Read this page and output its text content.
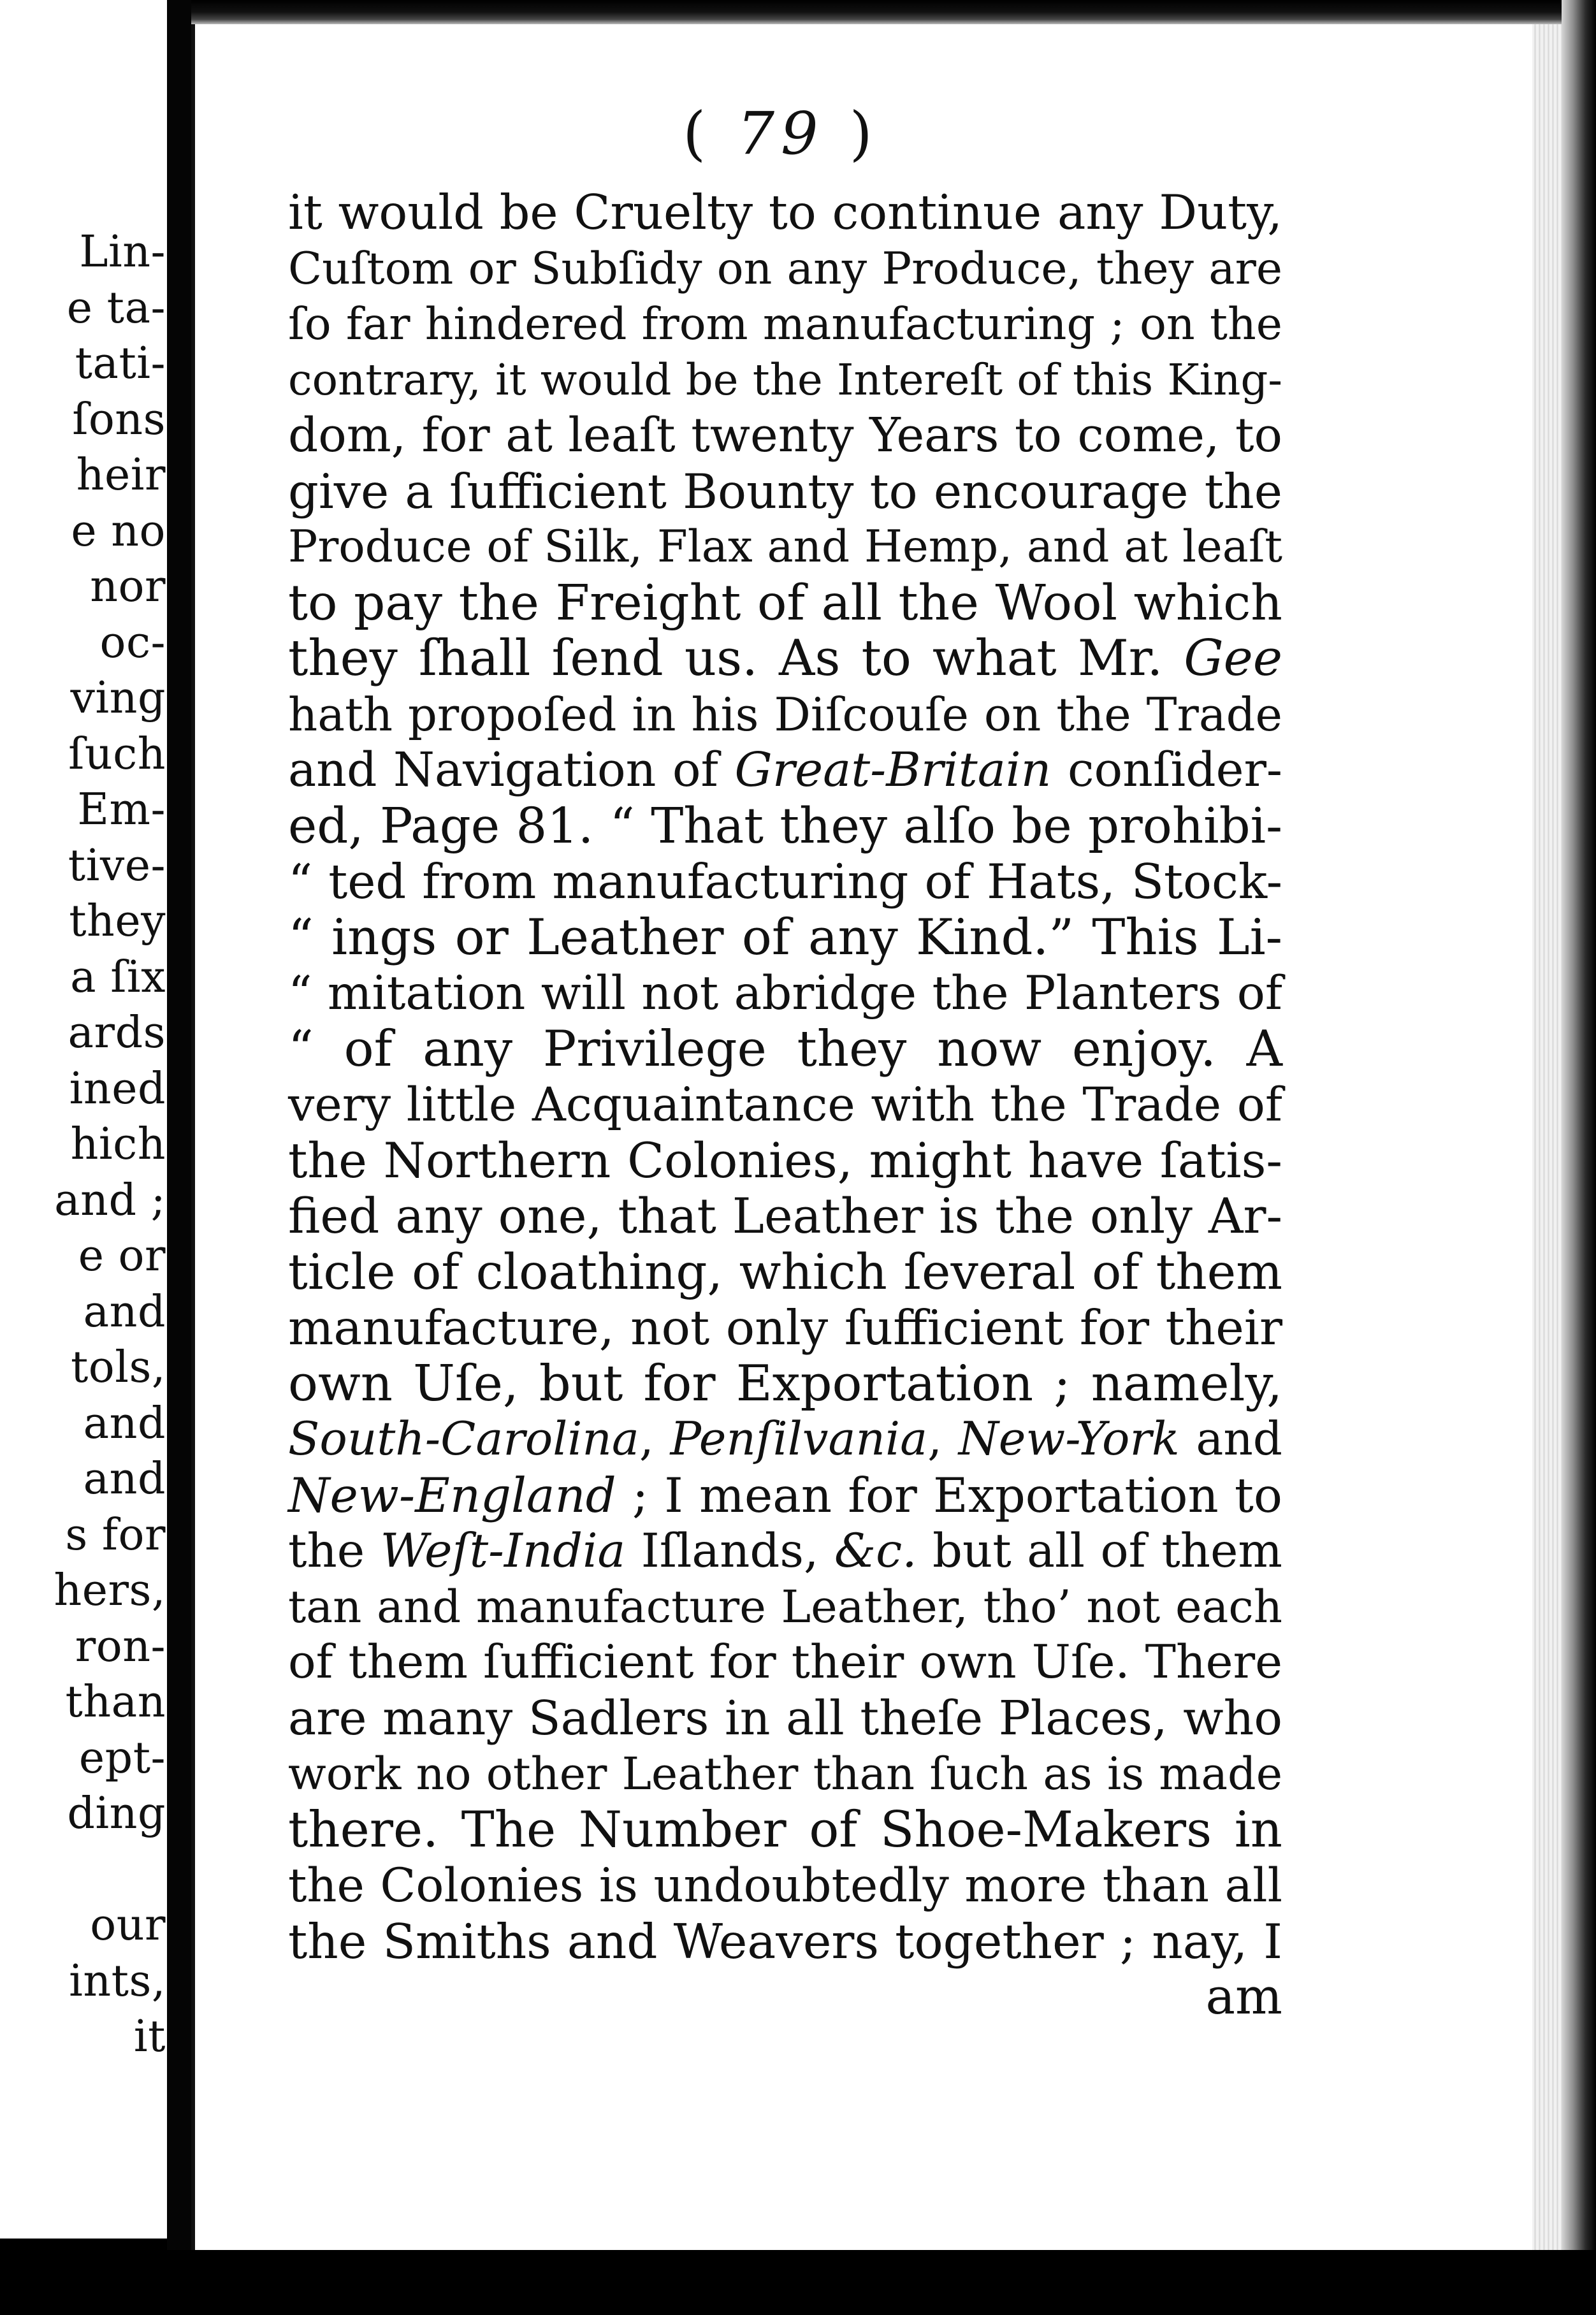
Lin-
e ta-
tati-
ſons
heir
e no
nor
oc-
ving
ſuch
Em-
tive-
they
a ſix
ards
ined
hich
and ;
e or
and
tols,
and
and
s for
hers,
ron-
than
ept-
ding
our
ints,
it
( 79 )
it would be Cruelty to continue any Duty,
Cuſtom or Subſidy on any Produce, they are
ſo far hindered from manufacturing ; on the
contrary, it would be the Intereſt of this King-
dom, for at leaſt twenty Years to come, to
give a ſufficient Bounty to encourage the
Produce of Silk, Flax and Hemp, and at leaſt
to pay the Freight of all the Wool which
they ſhall ſend us. As to what Mr. Gee
hath propoſed in his Diſcouſe on the Trade
and Navigation of Great-Britain conſider-
ed, Page 81. “ That they alſo be prohibi-
“ ted from manufacturing of Hats, Stock-
“ ings or Leather of any Kind.” This Li-
“ mitation will not abridge the Planters of
“ of any Privilege they now enjoy. A
very little Acquaintance with the Trade of
the Northern Colonies, might have ſatis-
fied any one, that Leather is the only Ar-
ticle of cloathing, which ſeveral of them
manufacture, not only ſufficient for their
own Uſe, but for Exportation ; namely,
South-Carolina, Penſilvania, New-York and
New-England ; I mean for Exportation to
the Weſt-India Iſlands, &c. but all of them
tan and manufacture Leather, tho’ not each
of them ſufficient for their own Uſe. There
are many Sadlers in all theſe Places, who
work no other Leather than ſuch as is made
there. The Number of Shoe-Makers in
the Colonies is undoubtedly more than all
the Smiths and Weavers together ; nay, I
am
